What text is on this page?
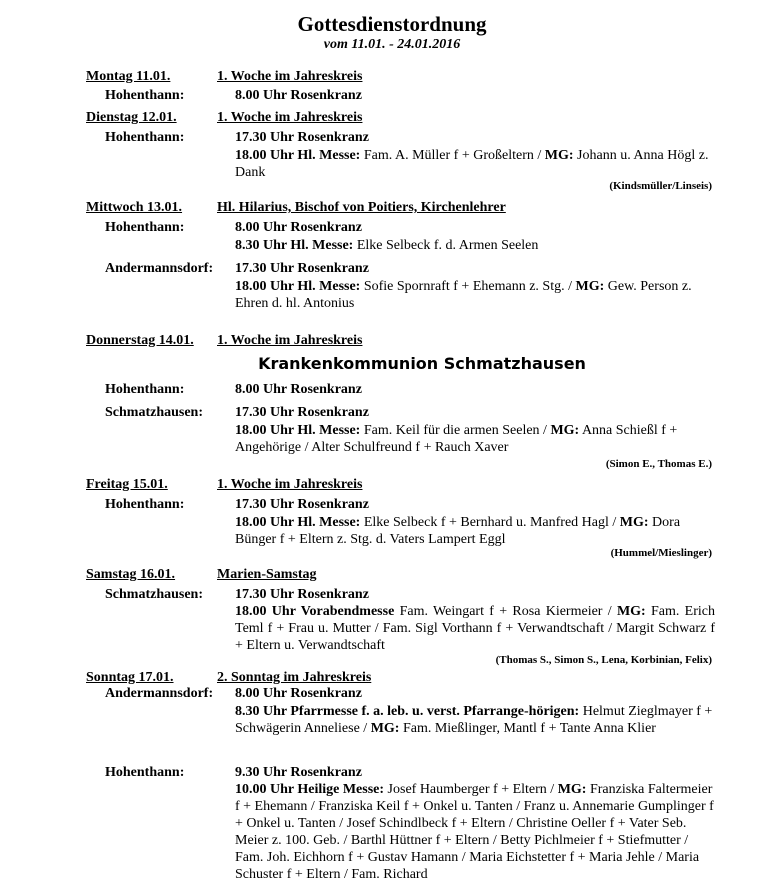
Gottesdienstordnung
vom 11.01. - 24.01.2016
Montag 11.01.	1. Woche im Jahreskreis
Hohenthann:	8.00 Uhr Rosenkranz
Dienstag 12.01.	1. Woche im Jahreskreis
Hohenthann:	17.30 Uhr Rosenkranz
18.00 Uhr Hl. Messe: Fam. A. Müller f + Großeltern / MG: Johann u. Anna Högl z. Dank
(Kindsmüller/Linseis)
Mittwoch 13.01. Hl. Hilarius, Bischof von Poitiers, Kirchenlehrer
Hohenthann:	8.00 Uhr Rosenkranz
8.30 Uhr Hl. Messe: Elke Selbeck f. d. Armen Seelen
Andermannsdorf: 17.30 Uhr Rosenkranz
18.00 Uhr Hl. Messe: Sofie Spornraft f + Ehemann z. Stg. / MG: Gew. Person z. Ehren d. hl. Antonius
Donnerstag 14.01. 1. Woche im Jahreskreis
Krankenkommunion Schmatzhausen
Hohenthann:	8.00 Uhr Rosenkranz
Schmatzhausen: 17.30 Uhr Rosenkranz
18.00 Uhr Hl. Messe: Fam. Keil für die armen Seelen / MG: Anna Schießl f + Angehörige / Alter Schulfreund f + Rauch Xaver
(Simon E., Thomas E.)
Freitag 15.01.	1. Woche im Jahreskreis
Hohenthann:	17.30 Uhr Rosenkranz
18.00 Uhr Hl. Messe: Elke Selbeck f + Bernhard u. Manfred Hagl / MG: Dora Bünger f + Eltern z. Stg. d. Vaters Lampert Eggl
(Hummel/Mieslinger)
Samstag 16.01.	Marien-Samstag
Schmatzhausen: 17.30 Uhr Rosenkranz
18.00 Uhr Vorabendmesse Fam. Weingart f + Rosa Kiermeier / MG: Fam. Erich Teml f + Frau u. Mutter / Fam. Sigl Vorthann f + Verwandtschaft / Margit Schwarz f + Eltern u. Verwandtschaft
(Thomas S., Simon S., Lena, Korbinian, Felix)
Sonntag 17.01.	2. Sonntag im Jahreskreis
Andermannsdorf: 8.00 Uhr Rosenkranz
8.30 Uhr Pfarrmesse f. a. leb. u. verst. Pfarrange-hörigen: Helmut Zieglmayer f + Schwägerin Anneliese / MG: Fam. Mießlinger, Mantl f + Tante Anna Klier
Hohenthann:	9.30 Uhr Rosenkranz
10.00 Uhr Heilige Messe: Josef Haumberger f + Eltern / MG: Franziska Faltermeier f + Ehemann / Franziska Keil f + Onkel u. Tanten / Franz u. Annemarie Gumplinger f + Onkel u. Tanten / Josef Schindlbeck f + Eltern / Christine Oeller f + Vater Seb. Meier z. 100. Geb. / Barthl Hüttner f + Eltern / Betty Pichlmeier f + Stiefmutter / Fam. Joh. Eichhorn f + Gustav Hamann / Maria Eichstetter f + Maria Jehle / Maria Schuster f + Eltern / Fam. Richard
